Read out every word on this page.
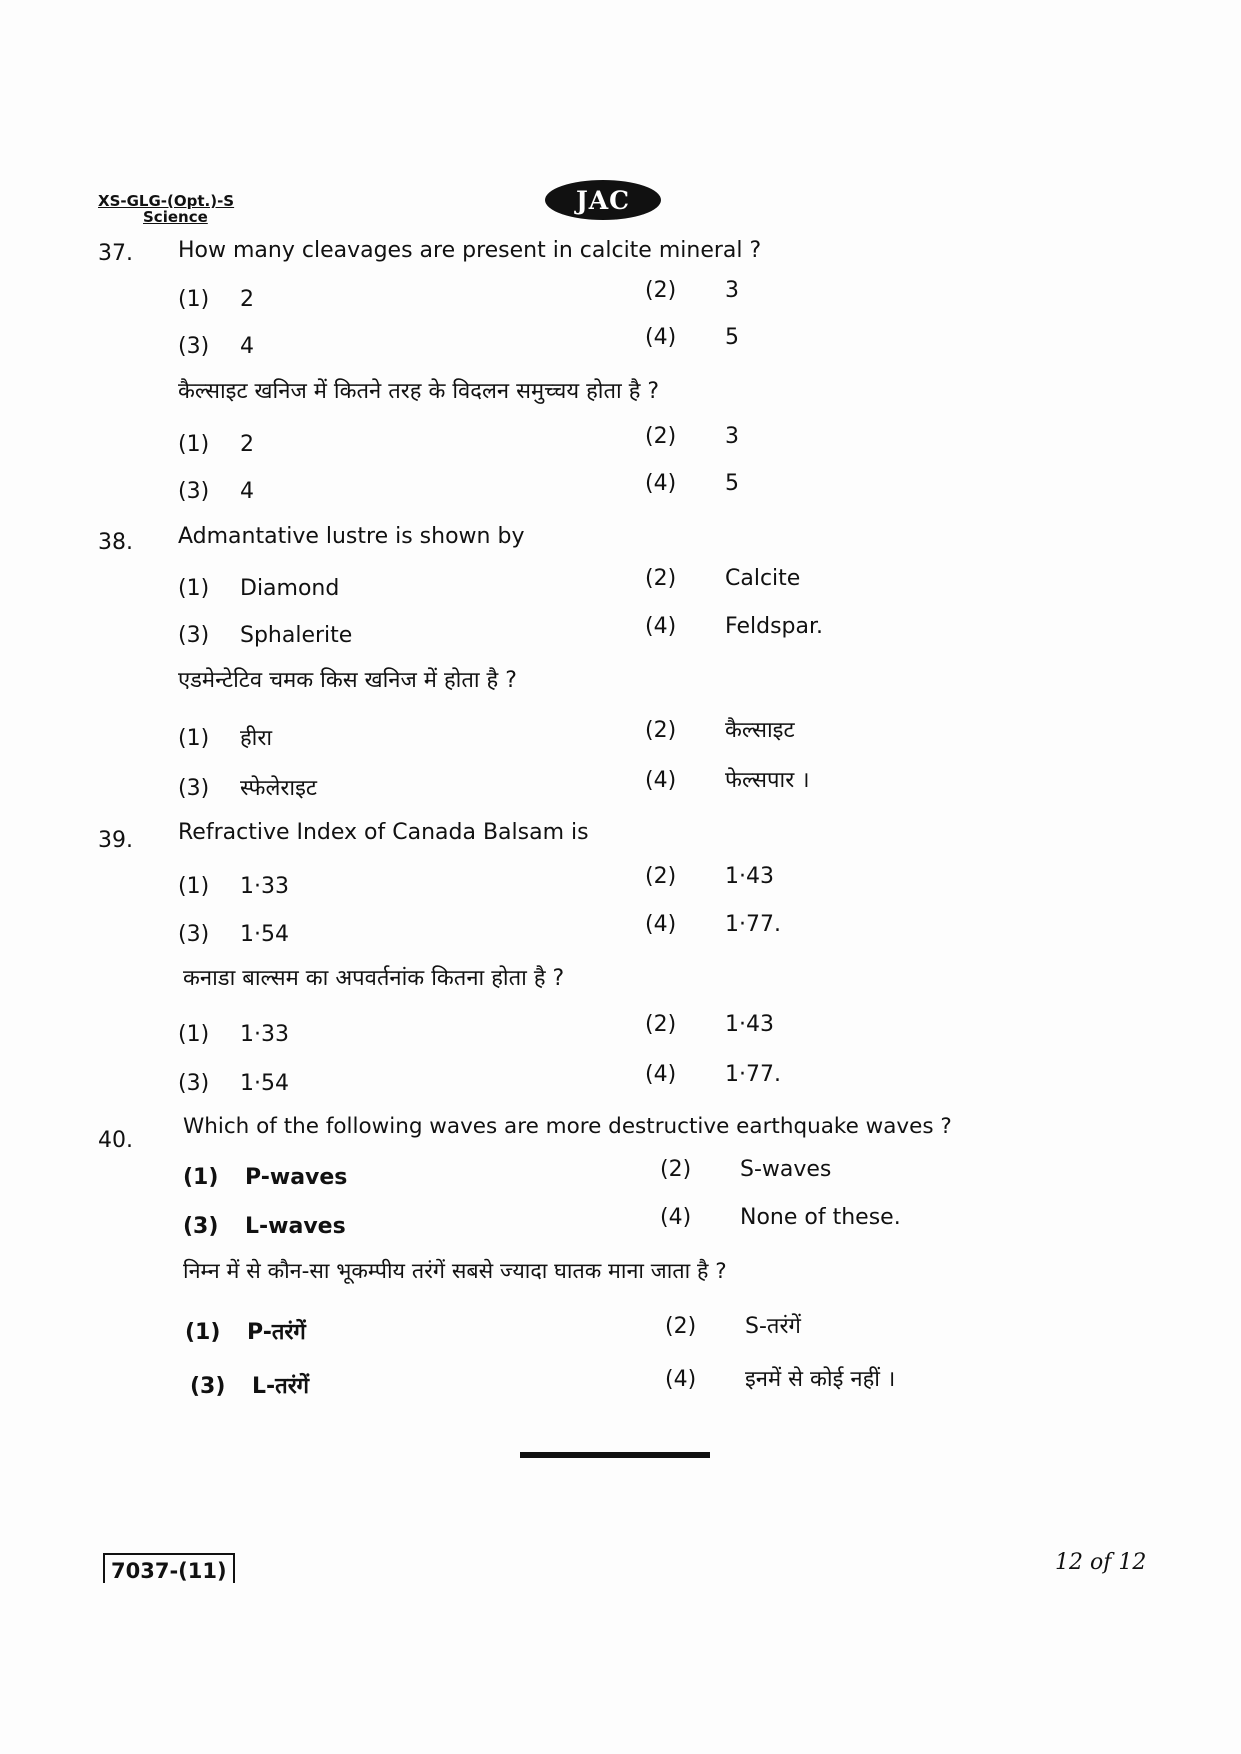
XS-GLG-(Opt.)-S
Science
JAC
37. How many cleavages are present in calcite mineral ?
(1) 2	(2) 3
(3) 4	(4) 5
कैल्साइट खनिज में कितने तरह के विदलन समुच्चय होता है ?
(1) 2	(2) 3
(3) 4	(4) 5
38. Admantative lustre is shown by
(1) Diamond	(2) Calcite
(3) Sphalerite	(4) Feldspar.
एडमेन्टेटिव चमक किस खनिज में होता है ?
(1) हीरा	(2) कैल्साइट
(3) स्फेलेराइट	(4) फेल्सपार ।
39. Refractive Index of Canada Balsam is
(1) 1·33	(2) 1·43
(3) 1·54	(4) 1·77.
कनाडा बाल्सम का अपवर्तनांक कितना होता है ?
(1) 1·33	(2) 1·43
(3) 1·54	(4) 1·77.
40.
Which of the following waves are more destructive earthquake waves ?
(1) P-waves	(2) S-waves
(3) L-waves	(4) None of these.
निम्न में से कौन-सा भूकम्पीय तरंगें सबसे ज्यादा घातक माना जाता है ?
(1) P-तरंगें	(2) S-तरंगें
(3) L-तरंगें	(4) इनमें से कोई नहीं ।
7037-(11)	12 of 12
